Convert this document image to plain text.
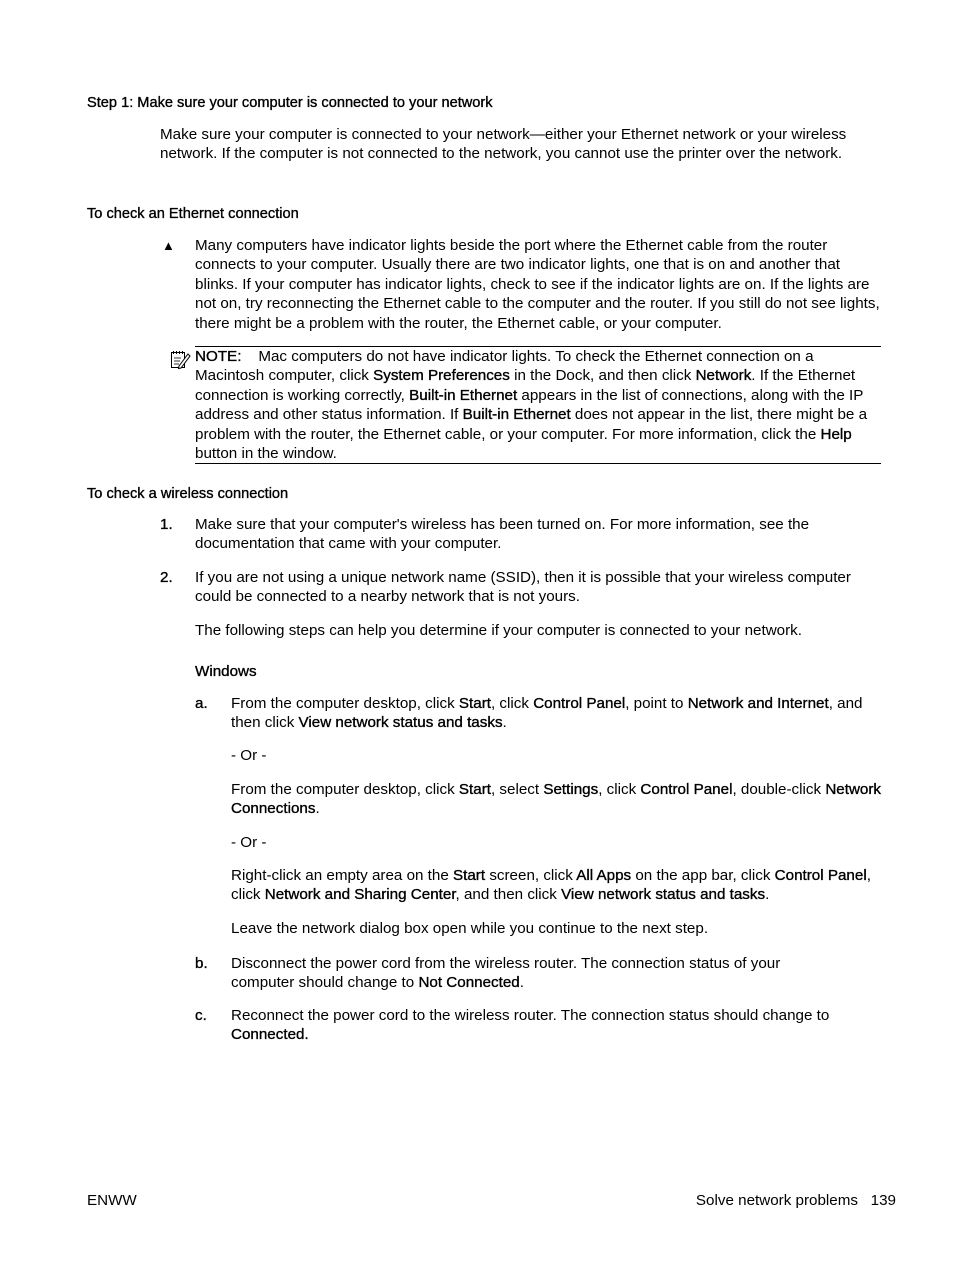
Step 1: Make sure your computer is connected to your network

Make sure your computer is connected to your network—either your Ethernet network or your wireless network. If the computer is not connected to the network, you cannot use the printer over the network.

To check an Ethernet connection
▲ Many computers have indicator lights beside the port where the Ethernet cable from the router connects to your computer. Usually there are two indicator lights, one that is on and another that blinks. If your computer has indicator lights, check to see if the indicator lights are on. If the lights are not on, try reconnecting the Ethernet cable to the computer and the router. If you still do not see lights, there might be a problem with the router, the Ethernet cable, or your computer.

NOTE: Mac computers do not have indicator lights. To check the Ethernet connection on a Macintosh computer, click System Preferences in the Dock, and then click Network. If the Ethernet connection is working correctly, Built-in Ethernet appears in the list of connections, along with the IP address and other status information. If Built-in Ethernet does not appear in the list, there might be a problem with the router, the Ethernet cable, or your computer. For more information, click the Help button in the window.

To check a wireless connection
1. Make sure that your computer's wireless has been turned on. For more information, see the documentation that came with your computer.

2. If you are not using a unique network name (SSID), then it is possible that your wireless computer could be connected to a nearby network that is not yours.

The following steps can help you determine if your computer is connected to your network.

Windows
a. From the computer desktop, click Start, click Control Panel, point to Network and Internet, and then click View network status and tasks.

- Or -

From the computer desktop, click Start, select Settings, click Control Panel, double-click Network Connections.

- Or -

Right-click an empty area on the Start screen, click All Apps on the app bar, click Control Panel, click Network and Sharing Center, and then click View network status and tasks.

Leave the network dialog box open while you continue to the next step.

b. Disconnect the power cord from the wireless router. The connection status of your computer should change to Not Connected.

c. Reconnect the power cord to the wireless router. The connection status should change to Connected.

ENWW	Solve network problems 139
